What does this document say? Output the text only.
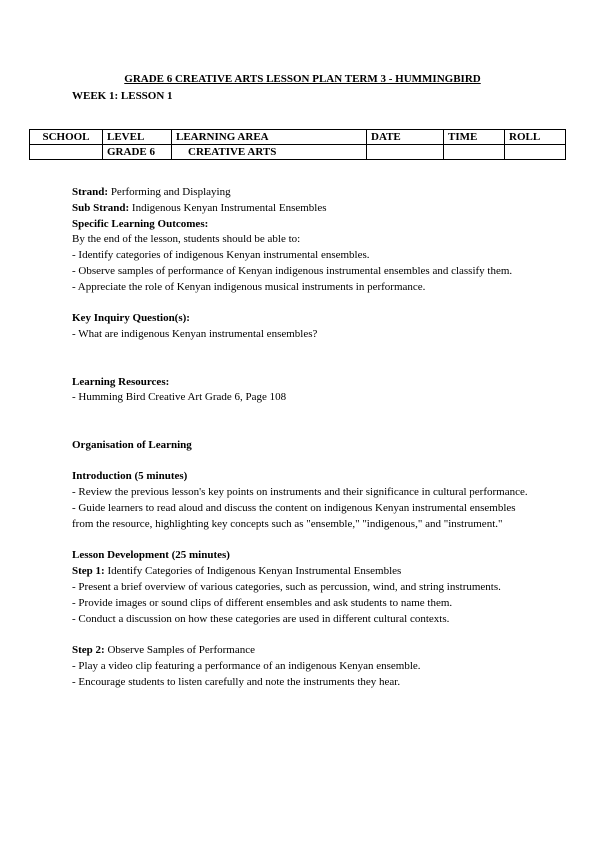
GRADE 6 CREATIVE ARTS LESSON PLAN TERM 3 - HUMMINGBIRD
WEEK 1: LESSON 1
SCHOOL	LEVEL	LEARNING AREA	DATE	TIME	ROLL
	GRADE 6	CREATIVE ARTS			

Strand: Performing and Displaying

Sub Strand: Indigenous Kenyan Instrumental Ensembles

Specific Learning Outcomes:

By the end of the lesson, students should be able to:

- Identify categories of indigenous Kenyan instrumental ensembles.

- Observe samples of performance of Kenyan indigenous instrumental ensembles and classify them.

- Appreciate the role of Kenyan indigenous musical instruments in performance.

Key Inquiry Question(s):

- What are indigenous Kenyan instrumental ensembles?

Learning Resources:

- Humming Bird Creative Art Grade 6, Page 108

Organisation of Learning

Introduction (5 minutes)

- Review the previous lesson's key points on instruments and their significance in cultural performance.

- Guide learners to read aloud and discuss the content on indigenous Kenyan instrumental ensembles from the resource, highlighting key concepts such as "ensemble," "indigenous," and "instrument."

Lesson Development (25 minutes)

Step 1: Identify Categories of Indigenous Kenyan Instrumental Ensembles

- Present a brief overview of various categories, such as percussion, wind, and string instruments.

- Provide images or sound clips of different ensembles and ask students to name them.

- Conduct a discussion on how these categories are used in different cultural contexts.

Step 2: Observe Samples of Performance

- Play a video clip featuring a performance of an indigenous Kenyan ensemble.

- Encourage students to listen carefully and note the instruments they hear.
